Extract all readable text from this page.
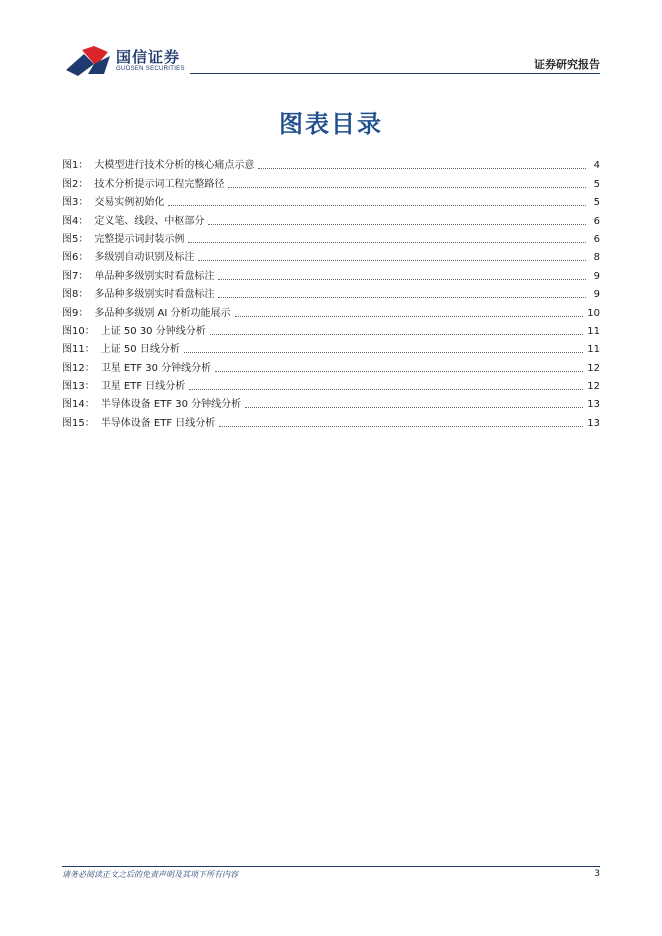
国信证券
GUOSEN SECURITIES	证券研究报告
图表目录
图1： 大模型进行技术分析的核心痛点示意	4
图2： 技术分析提示词工程完整路径	5
图3： 交易实例初始化	5
图4： 定义笔、线段、中枢部分	6
图5： 完整提示词封装示例	6
图6： 多级别自动识别及标注	8
图7： 单品种多级别实时看盘标注	9
图8： 多品种多级别实时看盘标注	9
图9： 多品种多级别 AI 分析功能展示	10
图10： 上证 50 30 分钟线分析	11
图11： 上证 50 日线分析	11
图12： 卫星 ETF 30 分钟线分析	12
图13： 卫星 ETF 日线分析	12
图14： 半导体设备 ETF 30 分钟线分析	13
图15： 半导体设备 ETF 日线分析	13
请务必阅读正文之后的免责声明及其项下所有内容	3
